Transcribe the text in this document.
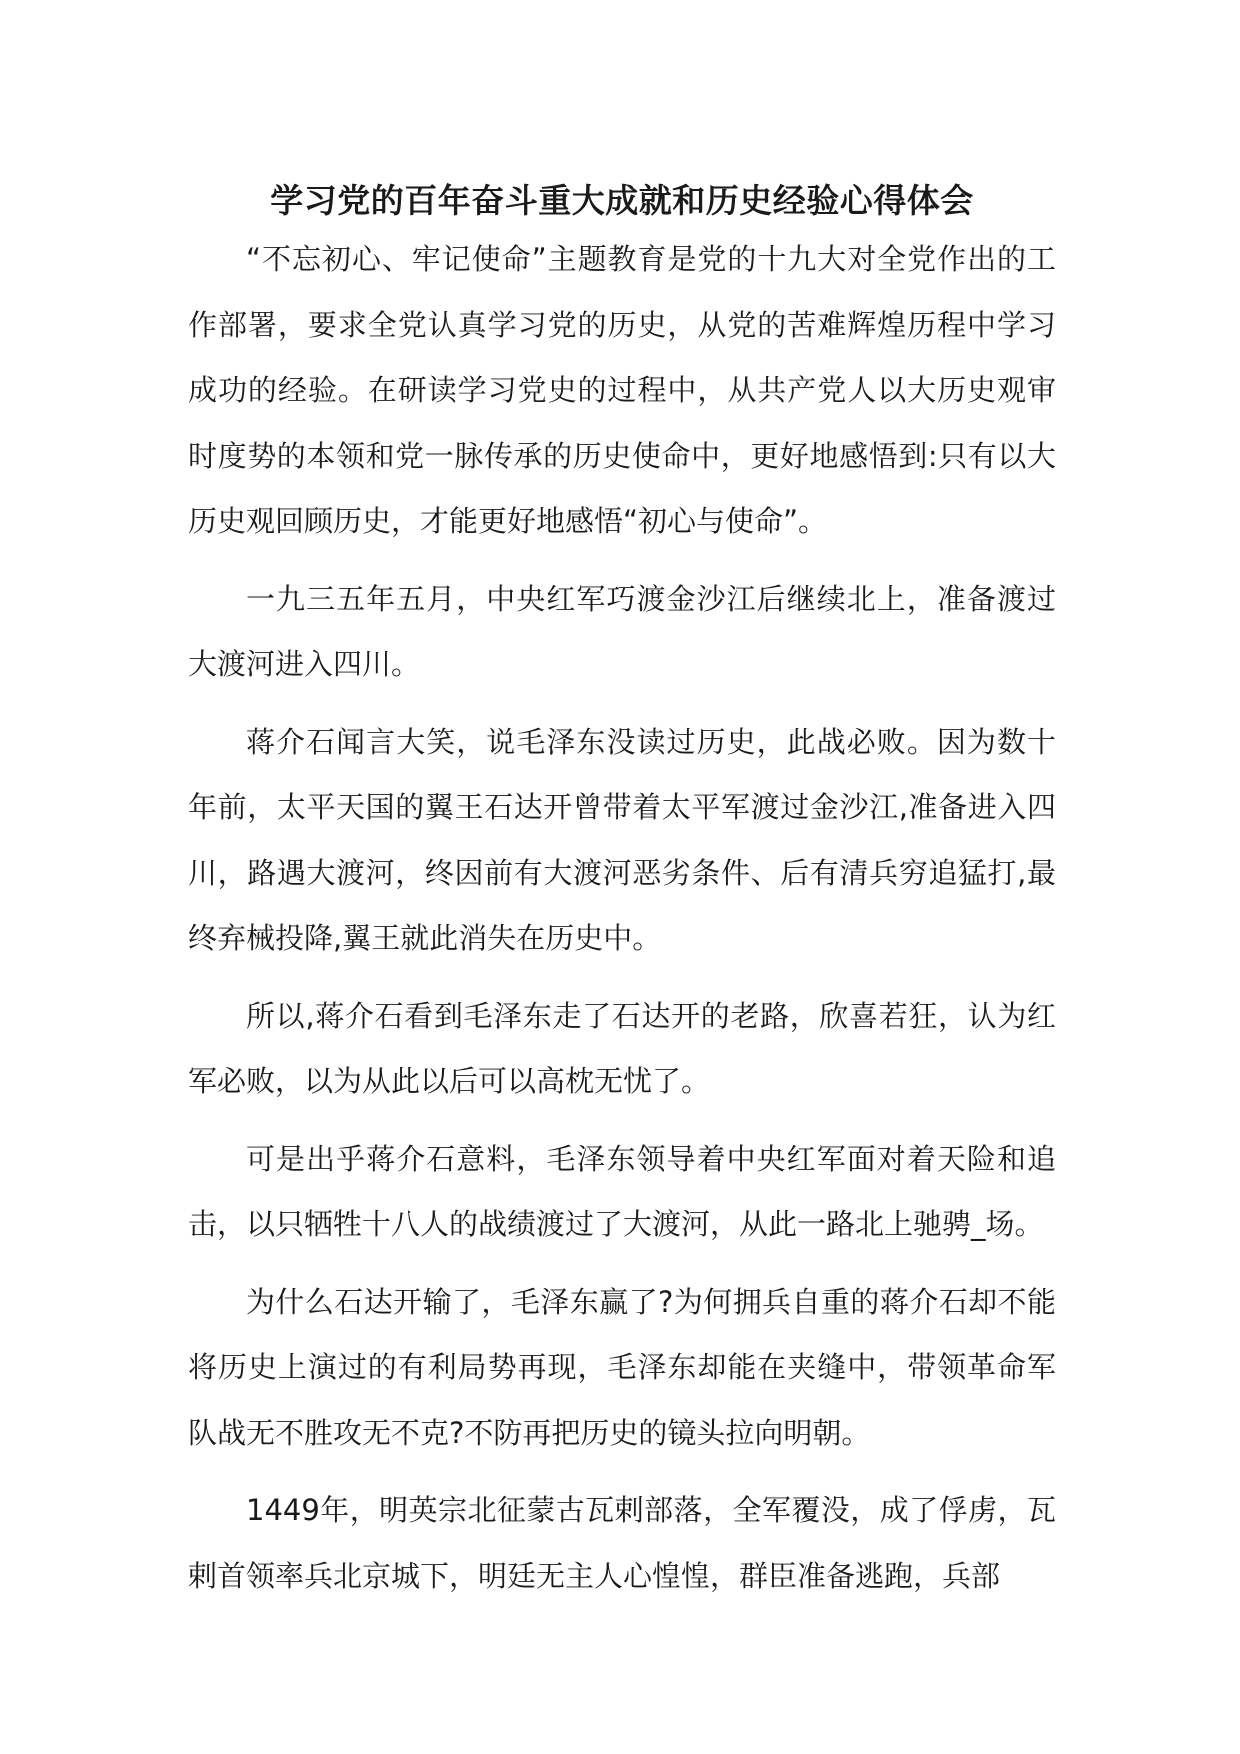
学习党的百年奋斗重大成就和历史经验心得体会

“不忘初心、牢记使命”主题教育是党的十九大对全党作出的工作部署，要求全党认真学习党的历史，从党的苦难辉煌历程中学习成功的经验。在研读学习党史的过程中，从共产党人以大历史观审时度势的本领和党一脉传承的历史使命中，更好地感悟到:只有以大历史观回顾历史，才能更好地感悟“初心与使命”。

一九三五年五月，中央红军巧渡金沙江后继续北上，准备渡过大渡河进入四川。

蒋介石闻言大笑，说毛泽东没读过历史，此战必败。因为数十年前，太平天国的翼王石达开曾带着太平军渡过金沙江,准备进入四川，路遇大渡河，终因前有大渡河恶劣条件、后有清兵穷追猛打,最终弃械投降,翼王就此消失在历史中。

所以,蒋介石看到毛泽东走了石达开的老路，欣喜若狂，认为红军必败，以为从此以后可以高枕无忧了。

可是出乎蒋介石意料，毛泽东领导着中央红军面对着天险和追击，以只牺牲十八人的战绩渡过了大渡河，从此一路北上驰骋_场。

为什么石达开输了，毛泽东赢了?为何拥兵自重的蒋介石却不能将历史上演过的有利局势再现，毛泽东却能在夹缝中，带领革命军队战无不胜攻无不克?不防再把历史的镜头拉向明朝。

1449年，明英宗北征蒙古瓦剌部落，全军覆没，成了俘虏，瓦剌首领率兵北京城下，明廷无主人心惶惶，群臣准备逃跑，兵部
